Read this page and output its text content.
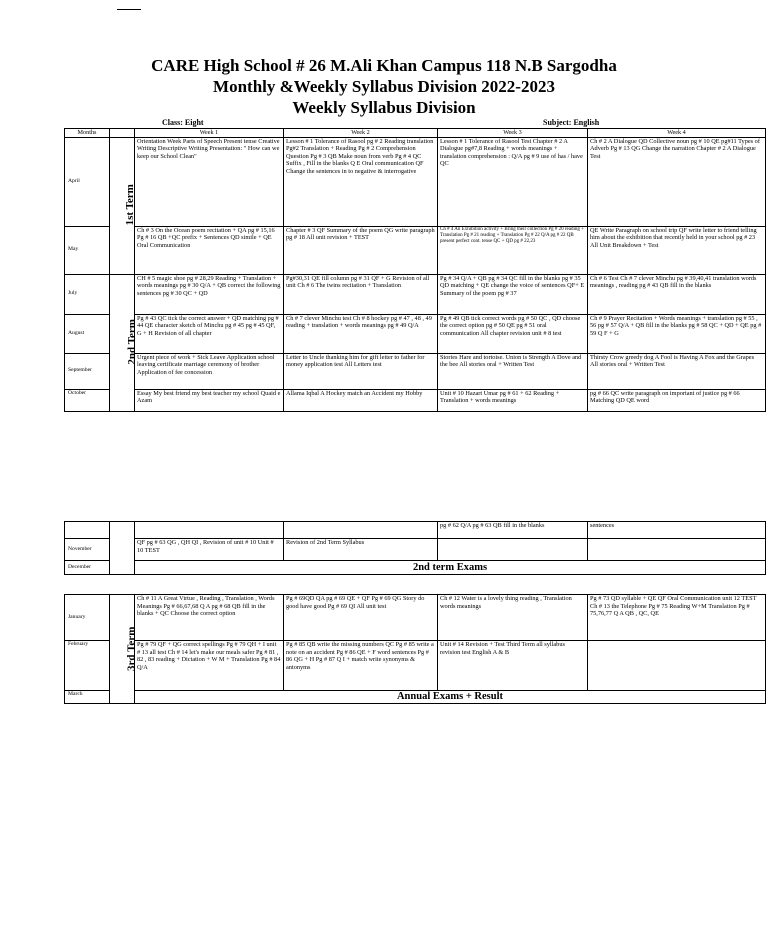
CARE High School # 26 M.Ali Khan Campus 118 N.B Sargodha
Monthly &Weekly Syllabus Division 2022-2023
Weekly Syllabus Division
Class: Eight	Subject: English
Months		Week 1	Week 2	Week 3	Week 4
April	1st Term	Orientation Week Parts of Speech Present tense Creative Writing Descriptive Writing Presentation: " How can we keep our School Clean"	Lesson # 1 Tolerance of Rasool pg # 2 Reading translation Pg#2 Translation + Reading Pg # 2 Comprehension Question Pg # 3 QB Make noun from verb Pg # 4 QC Suffix , Fill in the blanks Q E Oral communication QF Change the sentences in to negative & interrogative	Lesson # 1 Tolerance of Rasool Test Chapter # 2 A Dialogue pg#7,8 Reading + words meanings + translation comprehension : Q/A pg # 9 use of has / have QC	Ch # 2 A Dialogue QD Collective noun pg # 10 QE pg#11 Types of Adverb Pg # 13 QG Change the narration Chapter # 2 A Dialogue Test
May		Ch # 3 On the Ocean poem recitation + QA pg # 15,16 Pg # 16 QB +QC prefix + Sentences QD simile + QE Oral Communication	Chapter # 3 QF Summary of the poem QG write paragraph pg # 18 All unit revision + TEST	Ch # 4 An Exhibition activity + Bring their collection Pg # 20 reading + Translation Pg # 21 reading + Translation Pg # 22 Q/A pg # 22 QB present perfect cont. tense QC + QD pg # 22,23	QE Write Paragraph on school trip QF write letter to friend telling him about the exhibition that recently held in your school pg # 23 All Unit Breakdown + Test
July	2nd Term	CH # 5 magic shoe pg # 28,29 Reading + Translation + words meanings pg # 30 Q/A + QB correct the following sentences pg # 30 QC + QD	Pg#30,31 QE fill column pg # 31 QF + G Revision of all unit Ch # 6 The twins recitation + Translation	Pg # 34 Q/A + QB pg # 34 QC fill in the blanks pg # 35 QD matching + QE change the voice of sentences QF+ E Summary of the poem pg # 37	Ch # 6 Test Ch # 7 clever Minchu pg # 39,40,41 translation words meanings , reading pg # 43 QB fill in the blanks
August		Pg # 43 QC tick the correct answer + QD matching pg # 44 QE character sketch of Minchu pg # 45 pg # 45 QF, G + H Revision of all chapter	Ch # 7 clever Minchu test Ch # 8 hockey pg # 47 , 48 , 49 reading + translation + words meanings pg # 49 Q/A	Pg # 49 QB tick correct words pg # 50 QC , QD choose the correct option pg # 50 QE pg # 51 oral communication All chapter revision unit # 8 test	Ch # 9 Prayer Recitation + Words meanings + translation pg # 55 , 56 pg # 57 Q/A + QB fill in the blanks pg # 58 QC + QD + QE pg # 59 Q F + G
September		Urgent piece of work + Sick Leave Application school leaving certificate marriage ceremony of brother Application of fee concession	Letter to Uncle thanking him for gift letter to father for money application test All Letters test	Stories Hare and tortoise. Union is Strength A Dove and the bee All stories oral + Written Test	Thirsty Crow greedy dog A Fool is Having A Fox and the Grapes All stories oral + Written Test
October		Essay My best friend my best teacher my school Quaid e Azam	Allama Iqbal A Hockey match an Accident my Hobby	Unit # 10 Hazart Umar pg # 61 + 62 Reading + Translation + words meanings	pg # 66 QC write paragraph on important of justice pg # 66 Matching QD QE word
				pg # 62 Q/A pg # 63 QB fill in the blanks	sentences
November		QF pg # 63 QG , QH QI , Revision of unit # 10 Unit # 10 TEST	Revision of 2nd Term Syllabus		
December		2nd term Exams			
January	3rd Term	Ch # 11 A Great Virtue , Reading , Translation , Words Meanings Pg # 66,67,68 Q A pg # 68 QB fill in the blanks + QC Choose the correct option	Pg # 69QD QA pg # 69 QE + QF Pg # 69 QG Story do good have good Pg # 69 QI All unit test	Ch # 12 Water is a lovely thing reading , Translation words meanings	Pg # 73 QD syllable + QE QF Oral Communication unit 12 TEST Ch # 13 the Telephone Pg # 75 Reading W+M Translation Pg # 75,76,77 Q A QB , QC, QE
February		Pg # 79 QF + QG correct spellings Pg # 79 QH + I unit # 13 all test Ch # 14 let's make our meals safer Pg # 81 , 82 , 83 reading + Dictation + W M + Translation Pg # 84 Q/A	Pg # 85 QB write the missing numbers QC Pg # 85 write a note on an accident Pg # 86 QE + F word sentences Pg # 86 QG + H Pg # 87 Q I + match write synonyms & antonyms	Unit # 14 Revision + Test Third Term all syllabus revision test English A & B	
March		Annual Exams + Result			
